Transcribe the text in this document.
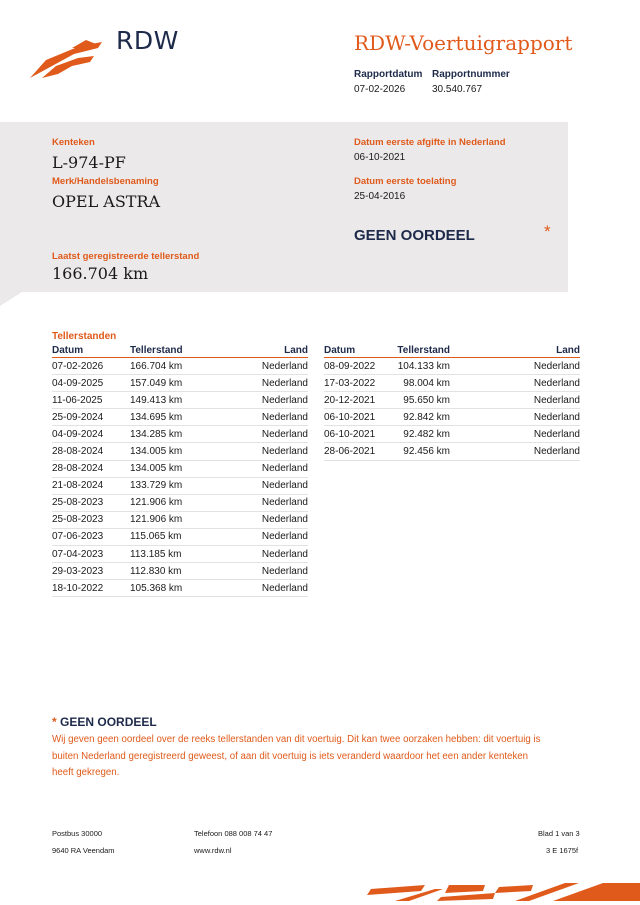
RDW	RDW-Voertuigrapport
Rapportdatum Rapportnummer
07-02-2026	30.540.767
Kenteken
L-974-PF
Merk/Handelsbenaming
OPEL ASTRA
Datum eerste afgifte in Nederland
06-10-2021
Datum eerste toelating
25-04-2016
GEEN OORDEEL	*
Laatst geregistreerde tellerstand
166.704 km
Tellerstanden
Datum	Tellerstand	Land
07-02-2026	166.704 km	Nederland
04-09-2025	157.049 km	Nederland
11-06-2025	149.413 km	Nederland
25-09-2024	134.695 km	Nederland
04-09-2024	134.285 km	Nederland
28-08-2024	134.005 km	Nederland
28-08-2024	134.005 km	Nederland
21-08-2024	133.729 km	Nederland
25-08-2023	121.906 km	Nederland
25-08-2023	121.906 km	Nederland
07-06-2023	115.065 km	Nederland
07-04-2023	113.185 km	Nederland
29-03-2023	112.830 km	Nederland
18-10-2022	105.368 km	Nederland
Datum	Tellerstand	Land
08-09-2022	104.133 km	Nederland
17-03-2022	98.004 km	Nederland
20-12-2021	95.650 km	Nederland
06-10-2021	92.842 km	Nederland
06-10-2021	92.482 km	Nederland
28-06-2021	92.456 km	Nederland
* GEEN OORDEEL
Wij geven geen oordeel over de reeks tellerstanden van dit voertuig. Dit kan twee oorzaken hebben: dit voertuig is buiten Nederland geregistreerd geweest, of aan dit voertuig is iets veranderd waardoor het een ander kenteken heeft gekregen.
Postbus 30000
9640 RA Veendam
Telefoon 088 008 74 47
www.rdw.nl
Blad 1 van 3
3 E 1675f
